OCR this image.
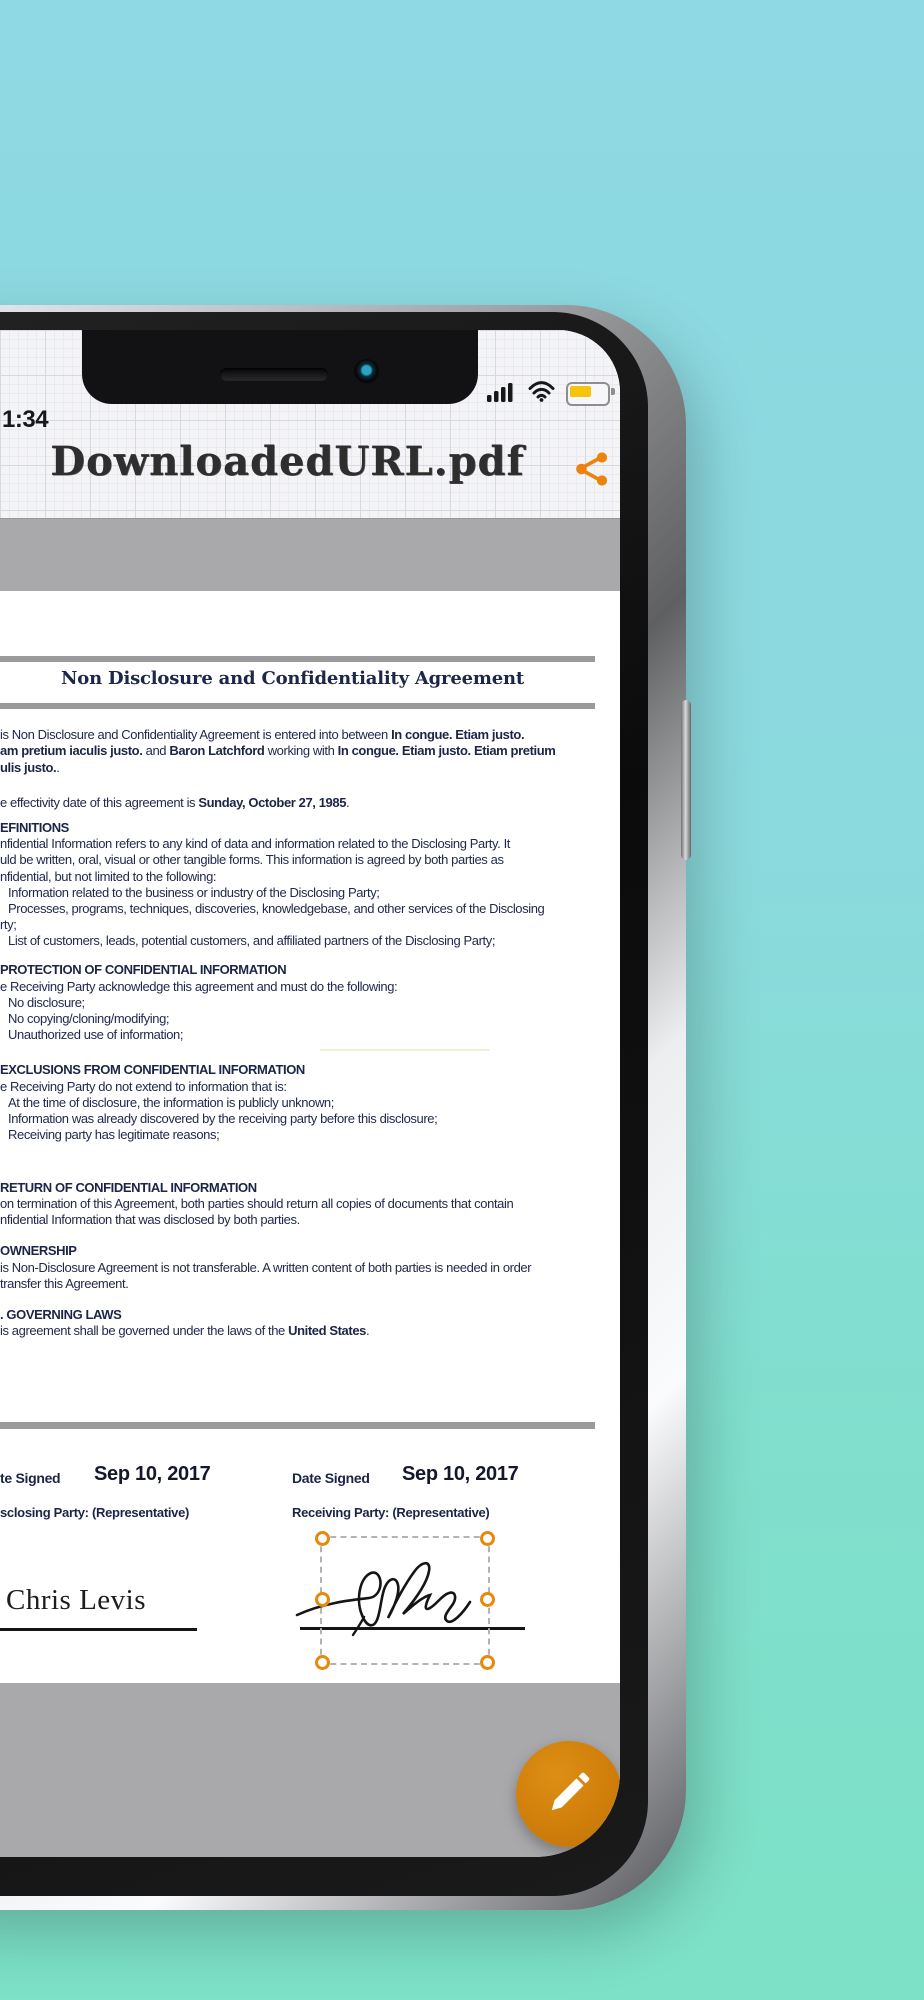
1:34
DownloadedURL.pdf
Non Disclosure and Confidentiality Agreement
is Non Disclosure and Confidentiality Agreement is entered into between In congue. Etiam justo.
am pretium iaculis justo. and Baron Latchford working with In congue. Etiam justo. Etiam pretium
ulis justo..
e effectivity date of this agreement is Sunday, October 27, 1985.
EFINITIONS
nfidential Information refers to any kind of data and information related to the Disclosing Party. It
uld be written, oral, visual or other tangible forms. This information is agreed by both parties as
nfidential, but not limited to the following:
Information related to the business or industry of the Disclosing Party;
Processes, programs, techniques, discoveries, knowledgebase, and other services of the Disclosing
rty;
List of customers, leads, potential customers, and affiliated partners of the Disclosing Party;
PROTECTION OF CONFIDENTIAL INFORMATION
e Receiving Party acknowledge this agreement and must do the following:
No disclosure;
No copying/cloning/modifying;
Unauthorized use of information;
EXCLUSIONS FROM CONFIDENTIAL INFORMATION
e Receiving Party do not extend to information that is:
At the time of disclosure, the information is publicly unknown;
Information was already discovered by the receiving party before this disclosure;
Receiving party has legitimate reasons;
RETURN OF CONFIDENTIAL INFORMATION
on termination of this Agreement, both parties should return all copies of documents that contain
nfidential Information that was disclosed by both parties.
OWNERSHIP
is Non-Disclosure Agreement is not transferable. A written content of both parties is needed in order
transfer this Agreement.
. GOVERNING LAWS
is agreement shall be governed under the laws of the United States.
te Signed Sep 10, 2017	Date Signed Sep 10, 2017
sclosing Party: (Representative)	Receiving Party: (Representative)
Chris Levis
